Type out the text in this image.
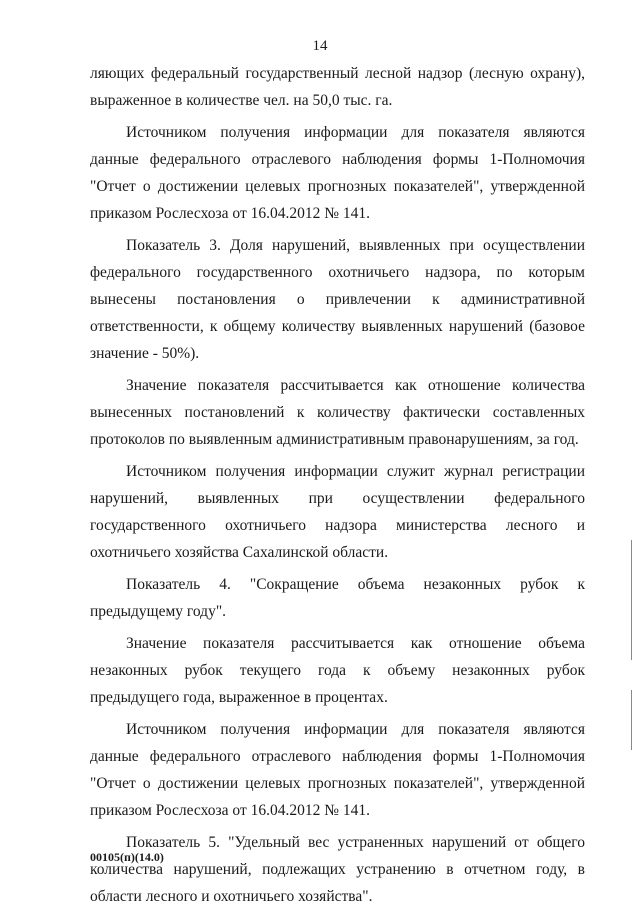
14

ляющих федеральный государственный лесной надзор (лесную охрану), выраженное в количестве чел. на 50,0 тыс. га.

Источником получения информации для показателя являются данные федерального отраслевого наблюдения формы 1-Полномочия "Отчет о достижении целевых прогнозных показателей", утвержденной приказом Рослесхоза от 16.04.2012 № 141.

Показатель 3. Доля нарушений, выявленных при осуществлении федерального государственного охотничьего надзора, по которым вынесены постановления о привлечении к административной ответственности, к общему количеству выявленных нарушений (базовое значение - 50%).

Значение показателя рассчитывается как отношение количества вынесенных постановлений к количеству фактически составленных протоколов по выявленным административным правонарушениям, за год.

Источником получения информации служит журнал регистрации нарушений, выявленных при осуществлении федерального государственного охотничьего надзора министерства лесного и охотничьего хозяйства Сахалинской области.

Показатель 4. "Сокращение объема незаконных рубок к предыдущему году".

Значение показателя рассчитывается как отношение объема незаконных рубок текущего года к объему незаконных рубок предыдущего года, выраженное в процентах.

Источником получения информации для показателя являются данные федерального отраслевого наблюдения формы 1-Полномочия "Отчет о достижении целевых прогнозных показателей", утвержденной приказом Рослесхоза от 16.04.2012 № 141.

Показатель 5. "Удельный вес устраненных нарушений от общего количества нарушений, подлежащих устранению в отчетном году, в области лесного и охотничьего хозяйства".

00105(п)(14.0)
